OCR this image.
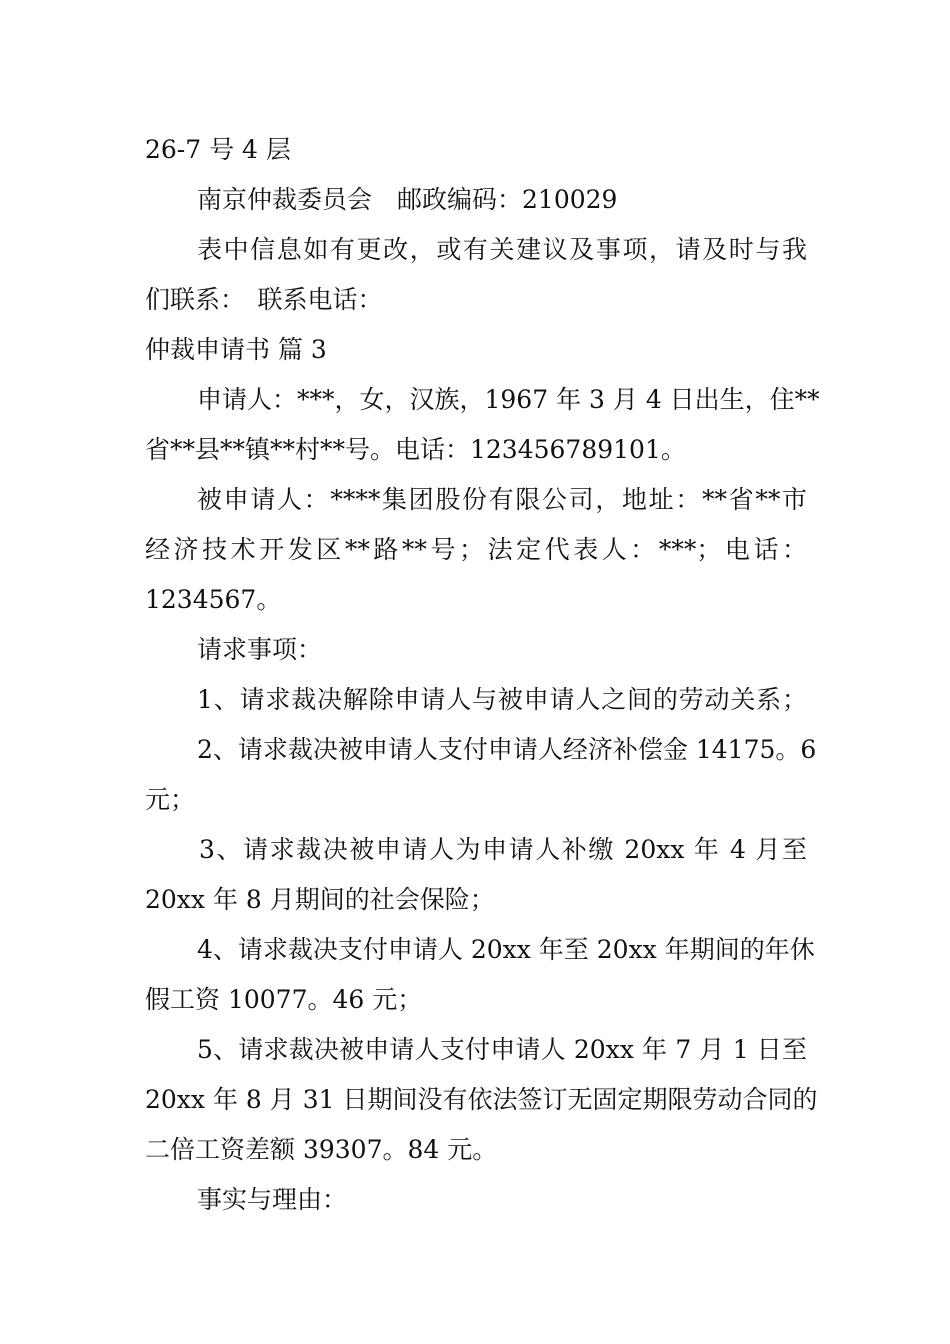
26-7 号 4 层
南京仲裁委员会　邮政编码：210029
表中信息如有更改，或有关建议及事项，请及时与我
们联系：　联系电话：
仲裁申请书 篇 3
申请人：***，女，汉族，1967 年 3 月 4 日出生，住**
省**县**镇**村**号。电话：123456789101。
被申请人：****集团股份有限公司，地址：**省**市
经济技术开发区**路**号；法定代表人：***；电话：
1234567。
请求事项：
1、请求裁决解除申请人与被申请人之间的劳动关系；
2、请求裁决被申请人支付申请人经济补偿金 14175。6
元；
3、请求裁决被申请人为申请人补缴 20xx 年 4 月至
20xx 年 8 月期间的社会保险；
4、请求裁决支付申请人 20xx 年至 20xx 年期间的年休
假工资 10077。46 元；
5、请求裁决被申请人支付申请人 20xx 年 7 月 1 日至
20xx 年 8 月 31 日期间没有依法签订无固定期限劳动合同的
二倍工资差额 39307。84 元。
事实与理由：
